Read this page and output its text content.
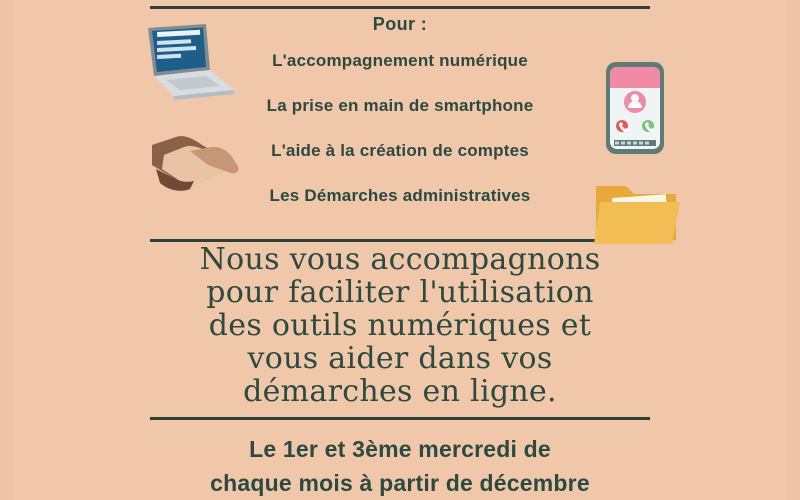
Pour :

L'accompagnement numérique

La prise en main de smartphone

L'aide à la création de comptes

Les Démarches administratives

Nous vous accompagnons

pour faciliter l'utilisation

des outils numériques et

vous aider dans vos

démarches en ligne.

Le 1er et 3ème mercredi de

chaque mois à partir de décembre
